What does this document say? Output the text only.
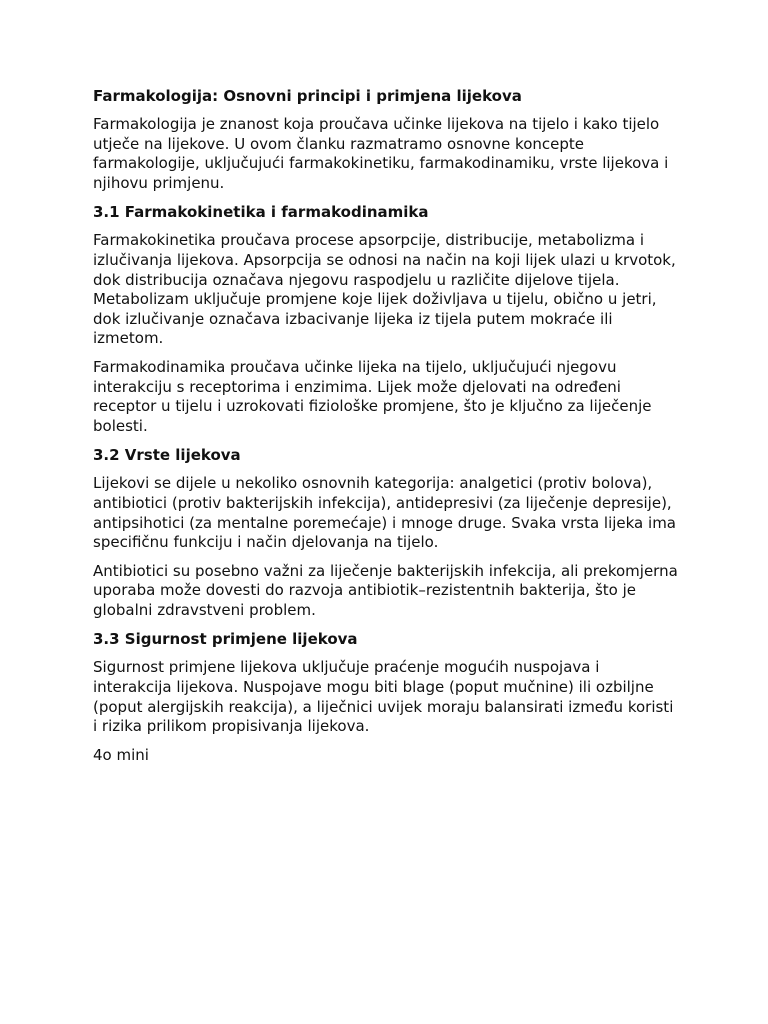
Farmakologija: Osnovni principi i primjena lijekova

Farmakologija je znanost koja proučava učinke lijekova na tijelo i kako tijelo utječe na lijekove. U ovom članku razmatramo osnovne koncepte farmakologije, uključujući farmakokinetiku, farmakodinamiku, vrste lijekova i njihovu primjenu.

3.1 Farmakokinetika i farmakodinamika

Farmakokinetika proučava procese apsorpcije, distribucije, metabolizma i izlučivanja lijekova. Apsorpcija se odnosi na način na koji lijek ulazi u krvotok, dok distribucija označava njegovu raspodjelu u različite dijelove tijela. Metabolizam uključuje promjene koje lijek doživljava u tijelu, obično u jetri, dok izlučivanje označava izbacivanje lijeka iz tijela putem mokraće ili izmetom.

Farmakodinamika proučava učinke lijeka na tijelo, uključujući njegovu interakciju s receptorima i enzimima. Lijek može djelovati na određeni receptor u tijelu i uzrokovati fiziološke promjene, što je ključno za liječenje bolesti.

3.2 Vrste lijekova

Lijekovi se dijele u nekoliko osnovnih kategorija: analgetici (protiv bolova), antibiotici (protiv bakterijskih infekcija), antidepresivi (za liječenje depresije), antipsihotici (za mentalne poremećaje) i mnoge druge. Svaka vrsta lijeka ima specifičnu funkciju i način djelovanja na tijelo.

Antibiotici su posebno važni za liječenje bakterijskih infekcija, ali prekomjerna uporaba može dovesti do razvoja antibiotik–rezistentnih bakterija, što je globalni zdravstveni problem.

3.3 Sigurnost primjene lijekova

Sigurnost primjene lijekova uključuje praćenje mogućih nuspojava i interakcija lijekova. Nuspojave mogu biti blage (poput mučnine) ili ozbiljne (poput alergijskih reakcija), a liječnici uvijek moraju balansirati između koristi i rizika prilikom propisivanja lijekova.

4o mini
